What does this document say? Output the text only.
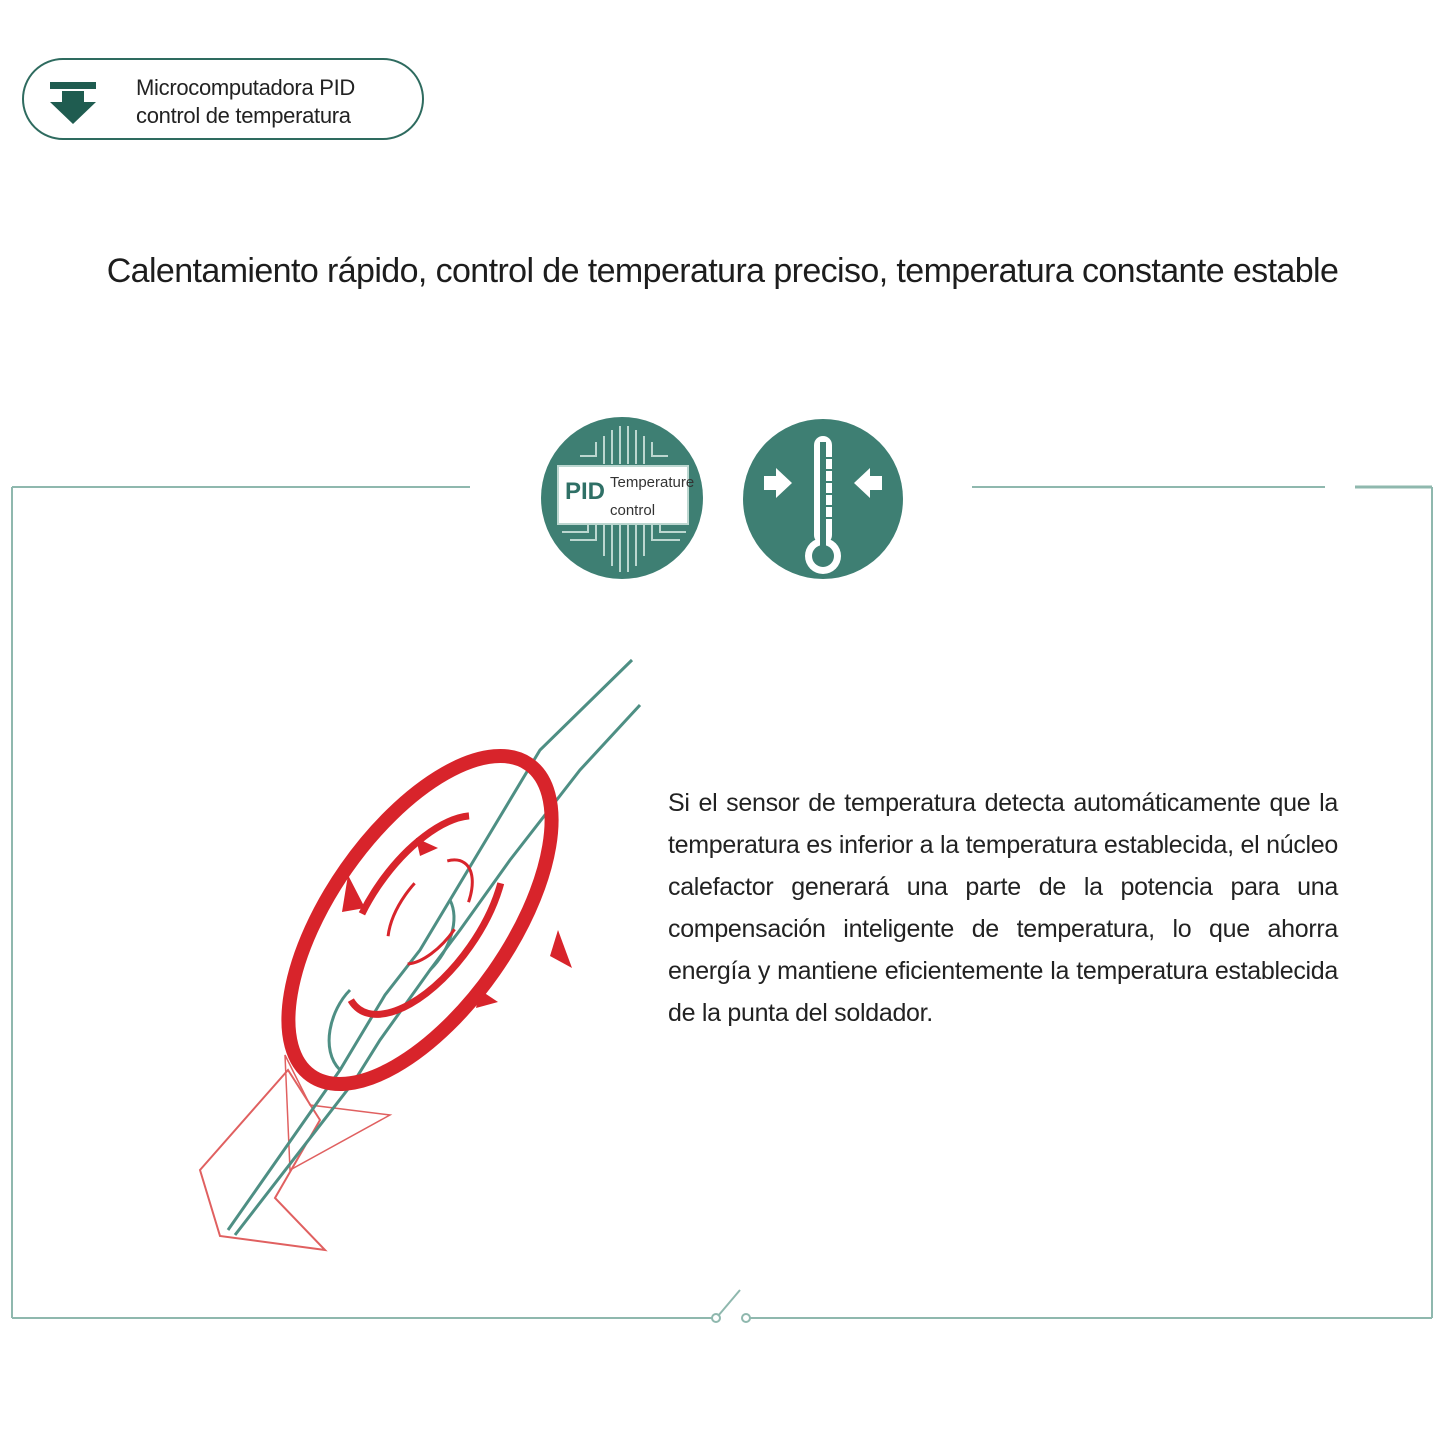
Microcomputadora PID
control de temperatura
Calentamiento rápido, control de temperatura preciso, temperatura constante estable
PID Temperature
control
Si el sensor de temperatura detecta automáticamente que la temperatura es inferior a la temperatura establecida, el núcleo calefactor generará una parte de la potencia para una compensación inteligente de temperatura, lo que ahorra energía y mantiene eficientemente la temperatura establecida de la punta del soldador.
